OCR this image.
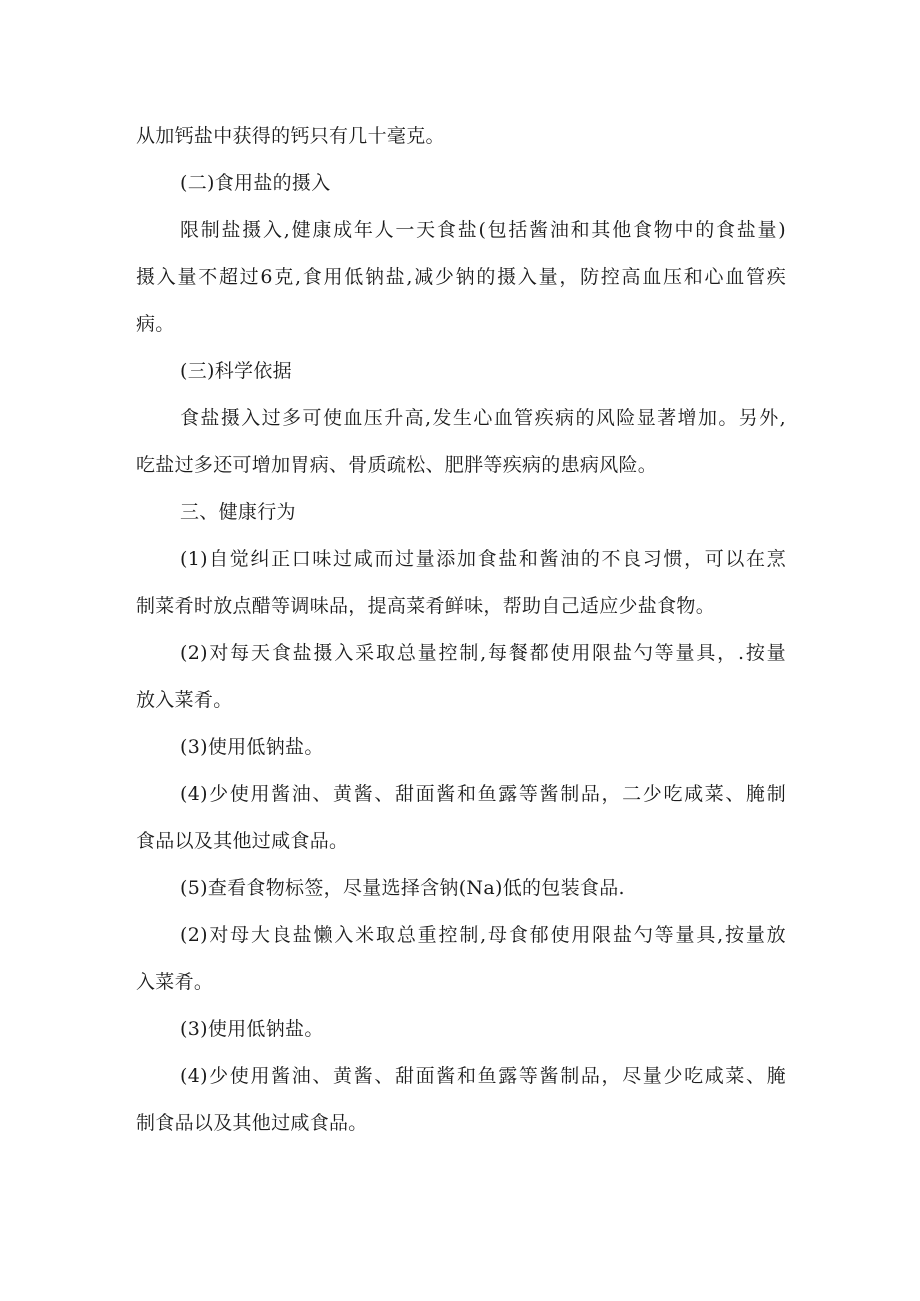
从加钙盐中获得的钙只有几十毫克。
(二)食用盐的摄入
限制盐摄入,健康成年人一天食盐(包括酱油和其他食物中的食盐量)
摄入量不超过6克,食用低钠盐,减少钠的摄入量，防控高血压和心血管疾
病。
(三)科学依据
食盐摄入过多可使血压升高,发生心血管疾病的风险显著增加。另外,
吃盐过多还可增加胃病、骨质疏松、肥胖等疾病的患病风险。
三、健康行为
(1)自觉纠正口味过咸而过量添加食盐和酱油的不良习惯，可以在烹
制菜肴时放点醋等调味品，提高菜肴鲜味，帮助自己适应少盐食物。
(2)对每天食盐摄入采取总量控制,每餐都使用限盐勺等量具，.按量
放入菜肴。
(3)使用低钠盐。
(4)少使用酱油、黄酱、甜面酱和鱼露等酱制品，二少吃咸菜、腌制
食品以及其他过咸食品。
(5)查看食物标签，尽量选择含钠(Na)低的包装食品.
(2)对母大良盐懒入米取总重控制,母食郁使用限盐勺等量具,按量放
入菜肴。
(3)使用低钠盐。
(4)少使用酱油、黄酱、甜面酱和鱼露等酱制品，尽量少吃咸菜、腌
制食品以及其他过咸食品。
